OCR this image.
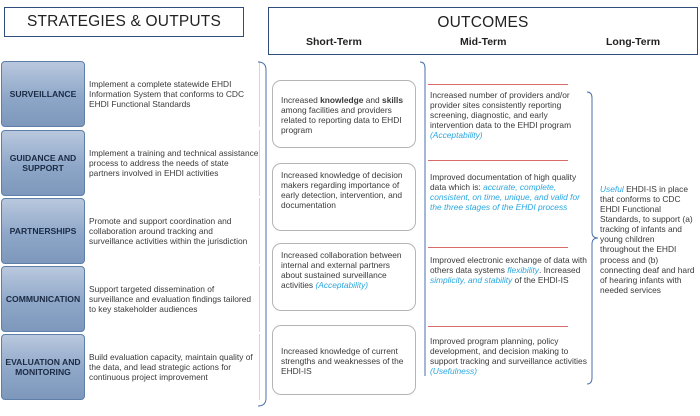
STRATEGIES & OUTPUTS	OUTCOMES
Short-Term	Mid-Term	Long-Term
SURVEILLANCE
Implement a complete statewide EHDI Information System that conforms to CDC EHDI Functional Standards
GUIDANCE AND SUPPORT
Implement a training and technical assistance process to address the needs of state partners involved in EHDI activities
PARTNERSHIPS
Promote and support coordination and collaboration around tracking and surveillance activities within the jurisdiction
COMMUNICATION
Support targeted dissemination of surveillance and evaluation findings tailored to key stakeholder audiences
EVALUATION AND MONITORING
Build evaluation capacity, maintain quality of the data, and lead strategic actions for continuous project improvement
Increased knowledge and skills among facilities and providers related to reporting data to EHDI program
Increased knowledge of decision makers regarding importance of early detection, intervention, and documentation
Increased collaboration between internal and external partners about sustained surveillance activities (Acceptability)
Increased knowledge of current strengths and weaknesses of the EHDI-IS
Increased number of providers and/or provider sites consistently reporting screening, diagnostic, and early intervention data to the EHDI program (Acceptability)
Improved documentation of high quality data which is: accurate, complete, consistent, on time, unique, and valid for the three stages of the EHDI process
Improved electronic exchange of data with others data systems flexibility. Increased simplicity, and stability of the EHDI-IS
Improved program planning, policy development, and decision making to support tracking and surveillance activities (Usefulness)
Useful EHDI-IS in place that conforms to CDC EHDI Functional Standards, to support (a) tracking of infants and young children throughout the EHDI process and (b) connecting deaf and hard of hearing infants with needed services
